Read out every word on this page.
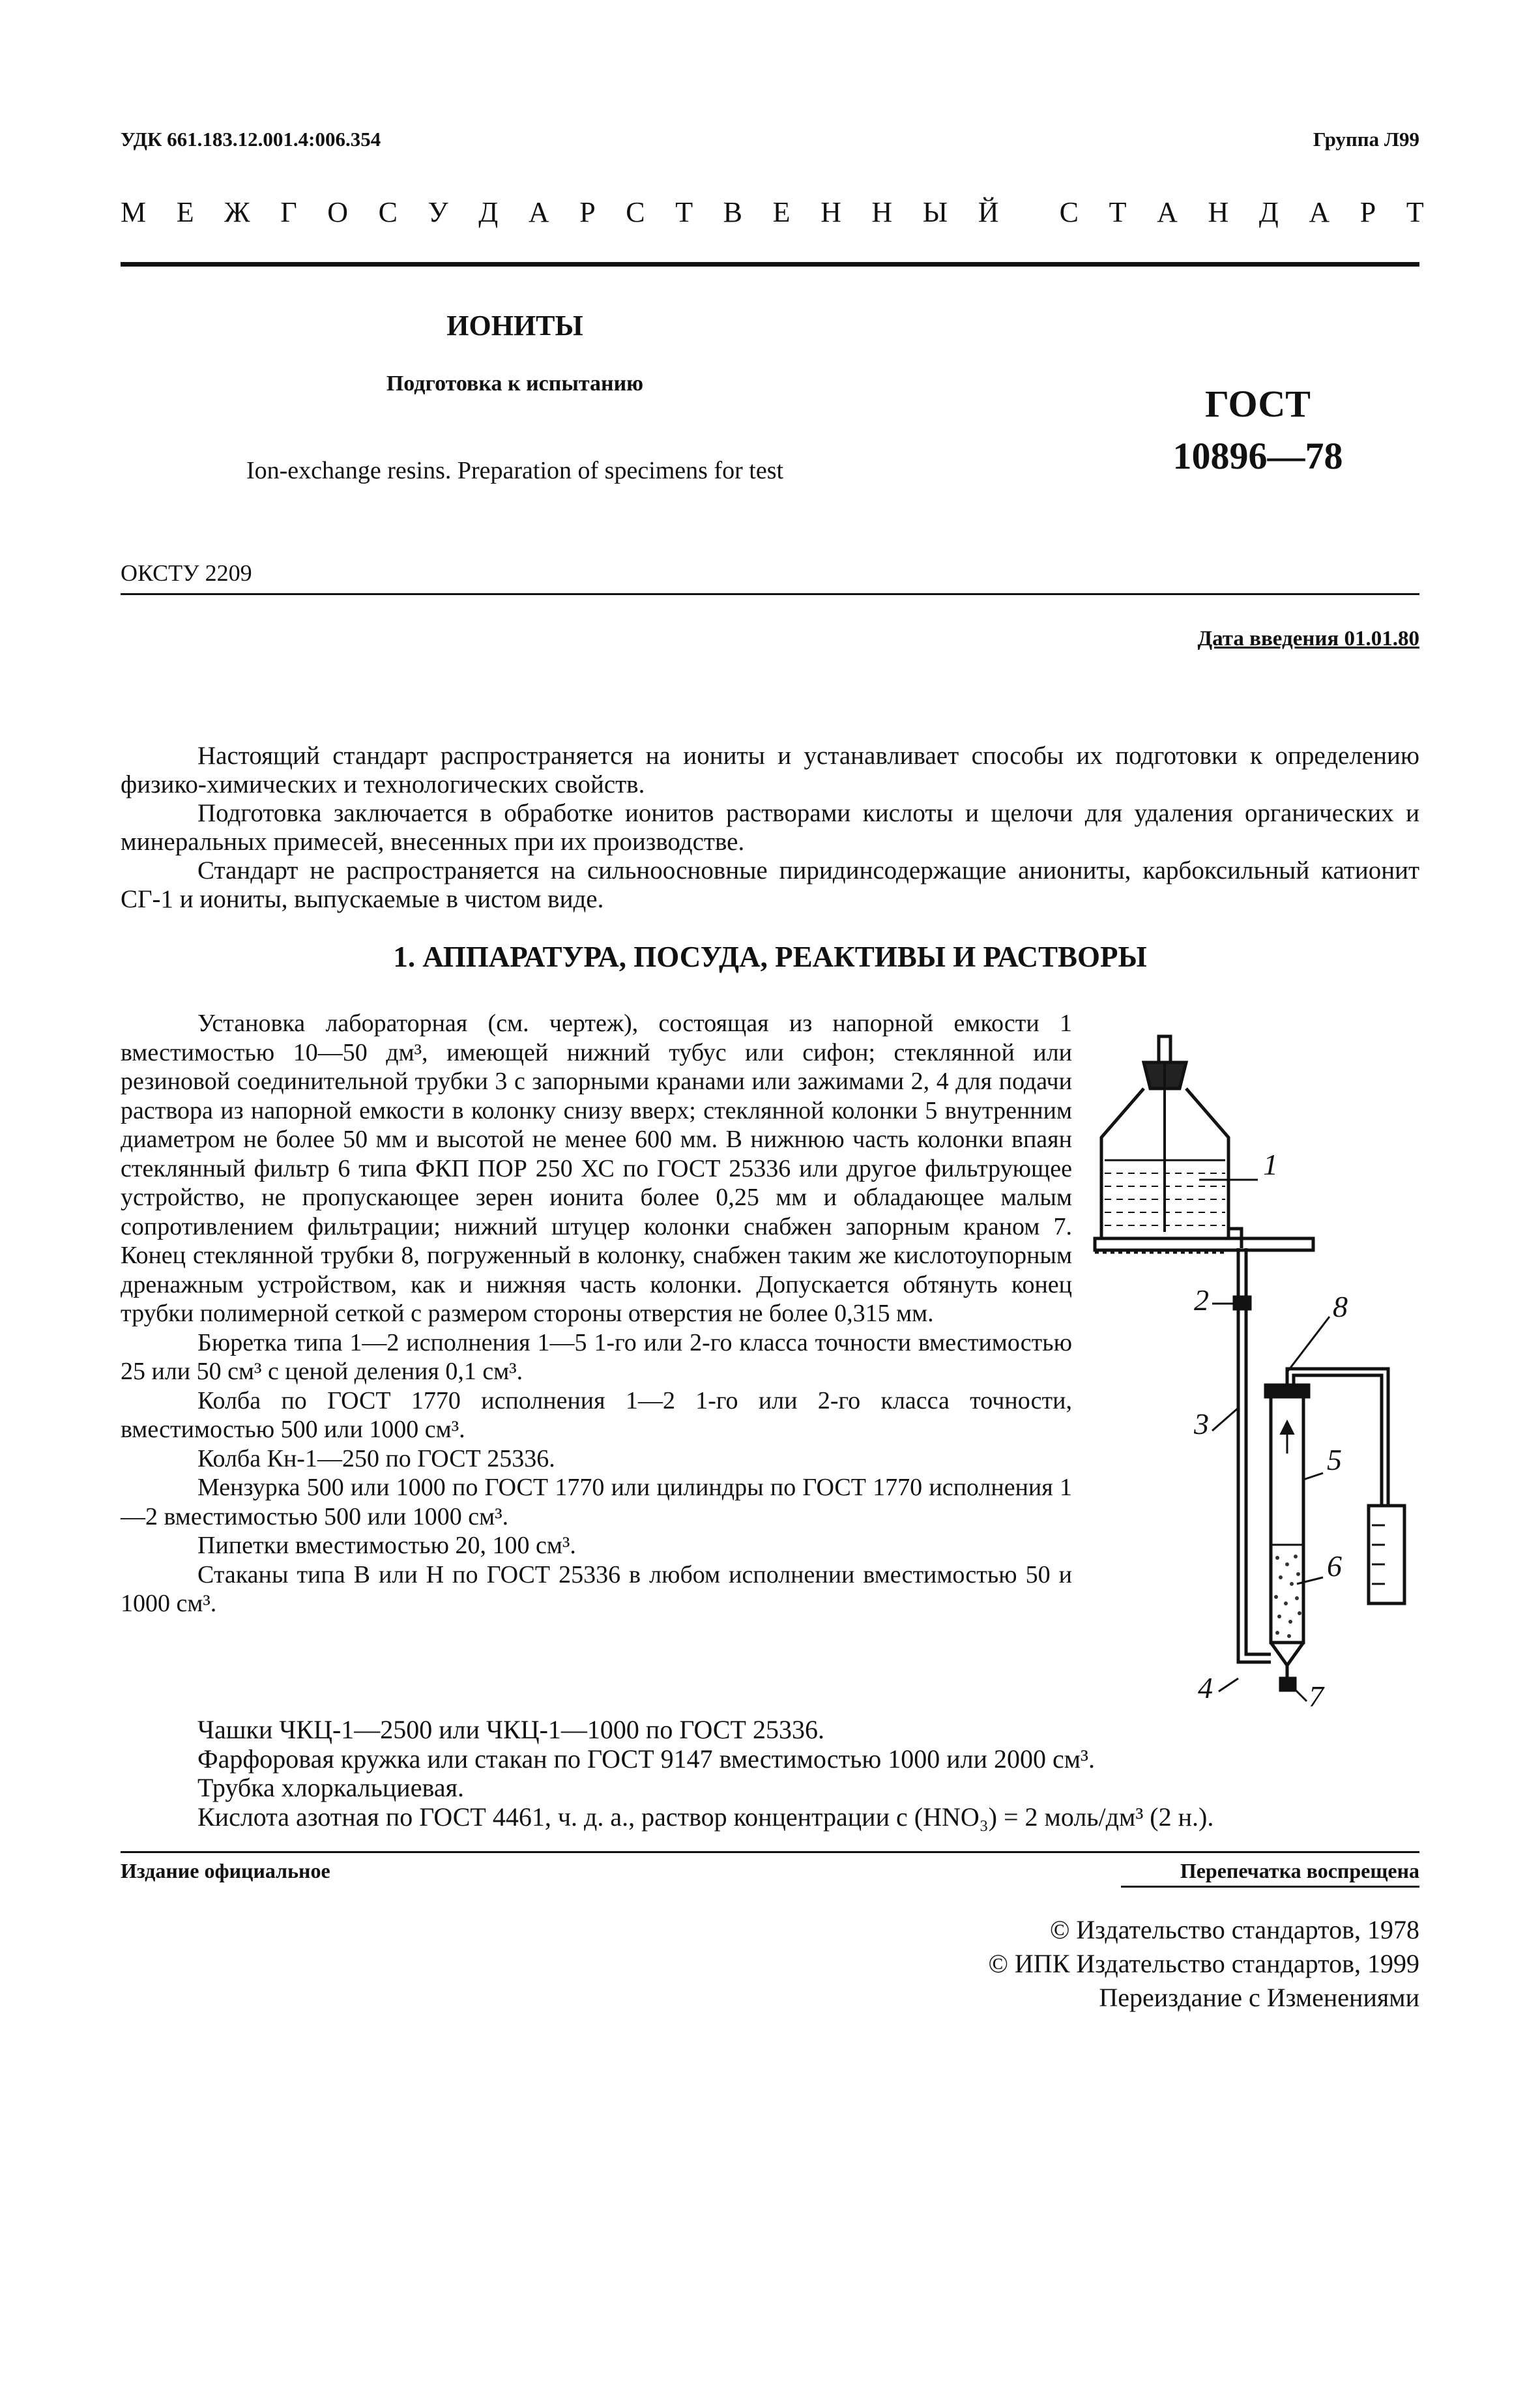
УДК 661.183.12.001.4:006.354	Группа Л99
М Е Ж Г О С У Д А Р С Т В Е Н Н Ы Й С Т А Н Д А Р Т
ИОНИТЫ
Подготовка к испытанию
Ion-exchange resins. Preparation of specimens for test
ГОСТ
10896—78
ОКСТУ 2209
Дата введения 01.01.80

Настоящий стандарт распространяется на иониты и устанавливает способы их подготовки к определению физико-химических и технологических свойств.

Подготовка заключается в обработке ионитов растворами кислоты и щелочи для удаления органических и минеральных примесей, внесенных при их производстве.

Стандарт не распространяется на сильноосновные пиридинсодержащие аниониты, карбоксильный катионит СГ-1 и иониты, выпускаемые в чистом виде.

1. АППАРАТУРА, ПОСУДА, РЕАКТИВЫ И РАСТВОРЫ

Установка лабораторная (см. чертеж), состоящая из напорной емкости 1 вместимостью 10—50 дм³, имеющей нижний тубус или сифон; стеклянной или резиновой соединительной трубки 3 с запорными кранами или зажимами 2, 4 для подачи раствора из напорной емкости в колонку снизу вверх; стеклянной колонки 5 внутренним диаметром не более 50 мм и высотой не менее 600 мм. В нижнюю часть колонки впаян стеклянный фильтр 6 типа ФКП ПОР 250 ХС по ГОСТ 25336 или другое фильтрующее устройство, не пропускающее зерен ионита более 0,25 мм и обладающее малым сопротивлением фильтрации; нижний штуцер колонки снабжен запорным краном 7. Конец стеклянной трубки 8, погруженный в колонку, снабжен таким же кислотоупорным дренажным устройством, как и нижняя часть колонки. Допускается обтянуть конец трубки полимерной сеткой с размером стороны отверстия не более 0,315 мм.

Бюретка типа 1—2 исполнения 1—5 1-го или 2-го класса точности вместимостью 25 или 50 см³ с ценой деления 0,1 см³.

Колба по ГОСТ 1770 исполнения 1—2 1-го или 2-го класса точности, вместимостью 500 или 1000 см³.

Колба Кн-1—250 по ГОСТ 25336.

Мензурка 500 или 1000 по ГОСТ 1770 или цилиндры по ГОСТ 1770 исполнения 1—2 вместимостью 500 или 1000 см³.

Пипетки вместимостью 20, 100 см³.

Стаканы типа В или Н по ГОСТ 25336 в любом исполнении вместимостью 50 и 1000 см³.

1
2
3
4
5
6
7
8

Чашки ЧКЦ-1—2500 или ЧКЦ-1—1000 по ГОСТ 25336.

Фарфоровая кружка или стакан по ГОСТ 9147 вместимостью 1000 или 2000 см³.

Трубка хлоркальциевая.

Кислота азотная по ГОСТ 4461, ч. д. а., раствор концентрации с (HNO₃) = 2 моль/дм³ (2 н.).

Издание официальное	Перепечатка воспрещена
© Издательство стандартов, 1978
© ИПК Издательство стандартов, 1999
Переиздание с Изменениями
